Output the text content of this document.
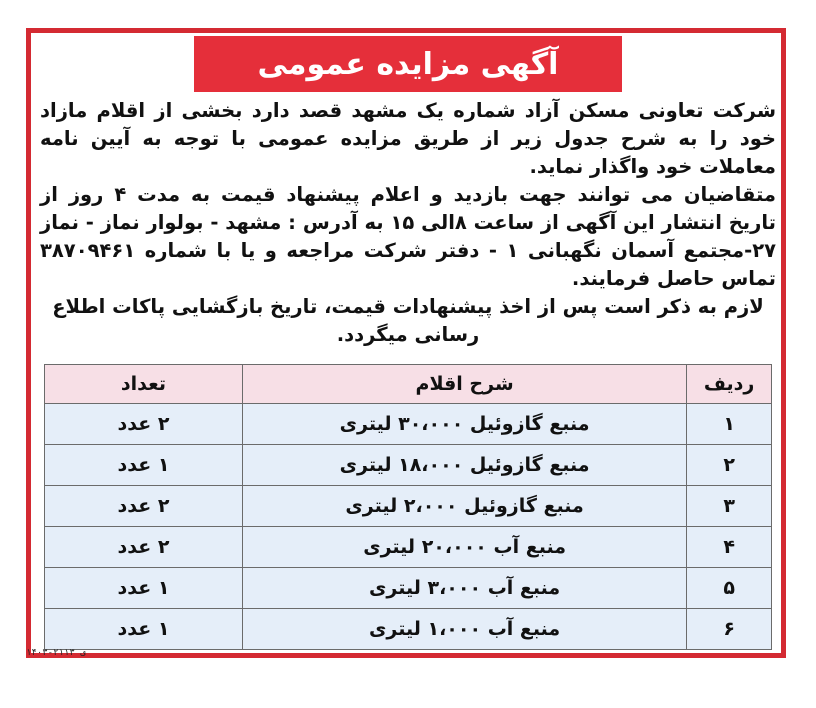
آگهی مزایده عمومی

شرکت تعاونی مسکن آزاد شماره یک مشهد قصد دارد بخشی از اقلام مازاد خود را به شرح جدول زیر از طریق مزایده عمومی با توجه به آیین نامه معاملات خود واگذار نماید.

متقاضیان می توانند جهت بازدید و اعلام پیشنهاد قیمت به مدت ۴ روز از تاریخ انتشار این آگهی از ساعت ۸الی ۱۵ به آدرس : مشهد - بولوار نماز - نماز ۲۷-مجتمع آسمان نگهبانی ۱ - دفتر شرکت مراجعه و یا با شماره ۳۸۷۰۹۴۶۱ تماس حاصل فرمایند.

لازم به ذکر است پس از اخذ پیشنهادات قیمت، تاریخ بازگشایی پاکات اطلاع رسانی میگردد.

ردیف	شرح اقلام	تعداد
۱	منبع گازوئیل ۳۰،۰۰۰ لیتری	۲ عدد
۲	منبع گازوئیل ۱۸،۰۰۰ لیتری	۱ عدد
۳	منبع گازوئیل ۲،۰۰۰ لیتری	۲ عدد
۴	منبع آب ۲۰،۰۰۰ لیتری	۲ عدد
۵	منبع آب ۳،۰۰۰ لیتری	۱ عدد
۶	منبع آب ۱،۰۰۰ لیتری	۱ عدد
۱۴۰۳-۲۱۱۳ ی
